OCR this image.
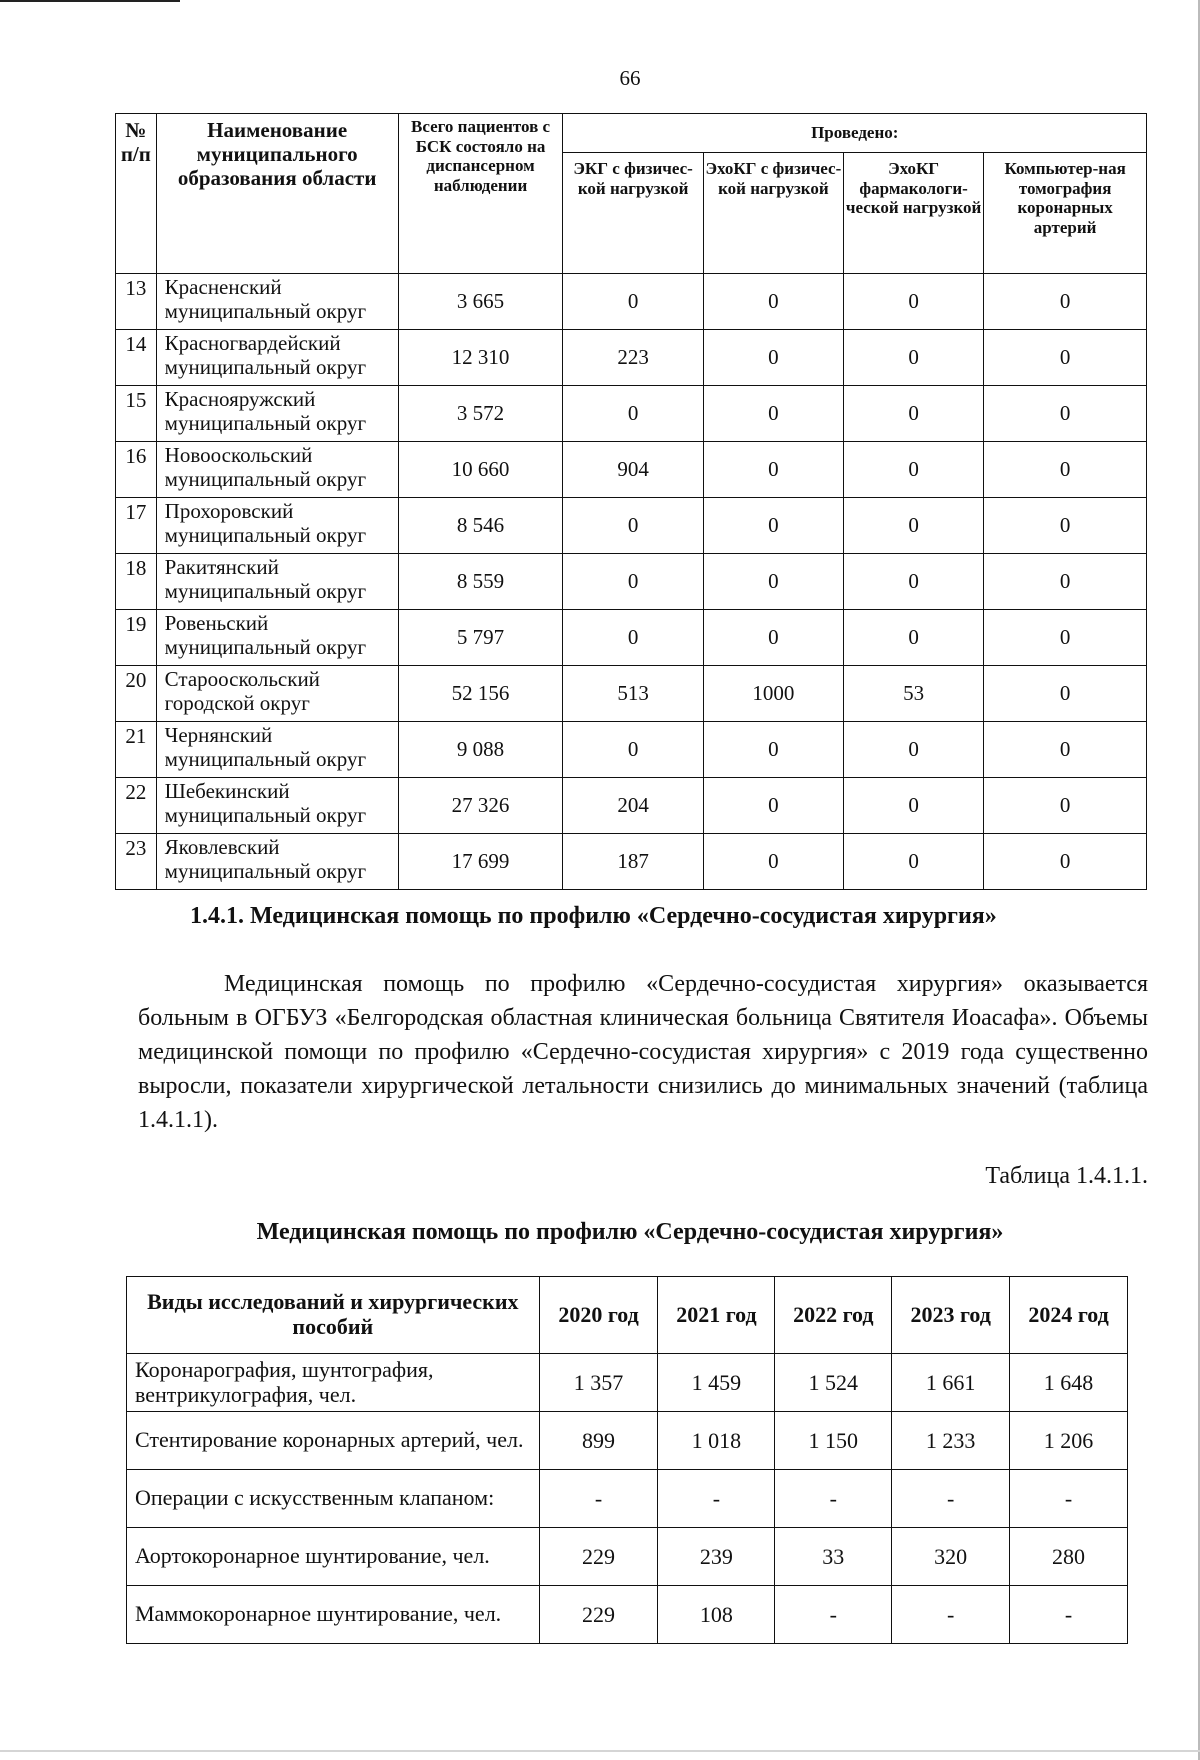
66
№ п/п	Наименование муниципального образования области	Всего пациентов с БСК состояло на диспансерном наблюдении	Проведено:			
			ЭКГ с физичес-кой нагрузкой	ЭхоКГ с физичес-кой нагрузкой	ЭхоКГ фармакологи-ческой нагрузкой	Компьютер-ная томография коронарных артерий
13	Красненский муниципальный округ	3 665	0	0	0	0
14	Красногвардейский муниципальный округ	12 310	223	0	0	0
15	Краснояружский муниципальный округ	3 572	0	0	0	0
16	Новооскольский муниципальный округ	10 660	904	0	0	0
17	Прохоровский муниципальный округ	8 546	0	0	0	0
18	Ракитянский муниципальный округ	8 559	0	0	0	0
19	Ровеньский муниципальный округ	5 797	0	0	0	0
20	Старооскольский городской округ	52 156	513	1000	53	0
21	Чернянский муниципальный округ	9 088	0	0	0	0
22	Шебекинский муниципальный округ	27 326	204	0	0	0
23	Яковлевский муниципальный округ	17 699	187	0	0	0
1.4.1. Медицинская помощь по профилю «Сердечно-сосудистая хирургия»

Медицинская помощь по профилю «Сердечно-сосудистая хирургия» оказывается больным в ОГБУЗ «Белгородская областная клиническая больница Святителя Иоасафа». Объемы медицинской помощи по профилю «Сердечно-сосудистая хирургия» с 2019 года существенно выросли, показатели хирургической летальности снизились до минимальных значений (таблица 1.4.1.1).

Таблица 1.4.1.1.
Медицинская помощь по профилю «Сердечно-сосудистая хирургия»
Виды исследований и хирургических пособий	2020 год	2021 год	2022 год	2023 год	2024 год
Коронарография, шунтография, вентрикулография, чел.	1 357	1 459	1 524	1 661	1 648
Стентирование коронарных артерий, чел.	899	1 018	1 150	1 233	1 206
Операции с искусственным клапаном:	-	-	-	-	-
Аортокоронарное шунтирование, чел.	229	239	33	320	280
Маммокоронарное шунтирование, чел.	229	108	-	-	-
